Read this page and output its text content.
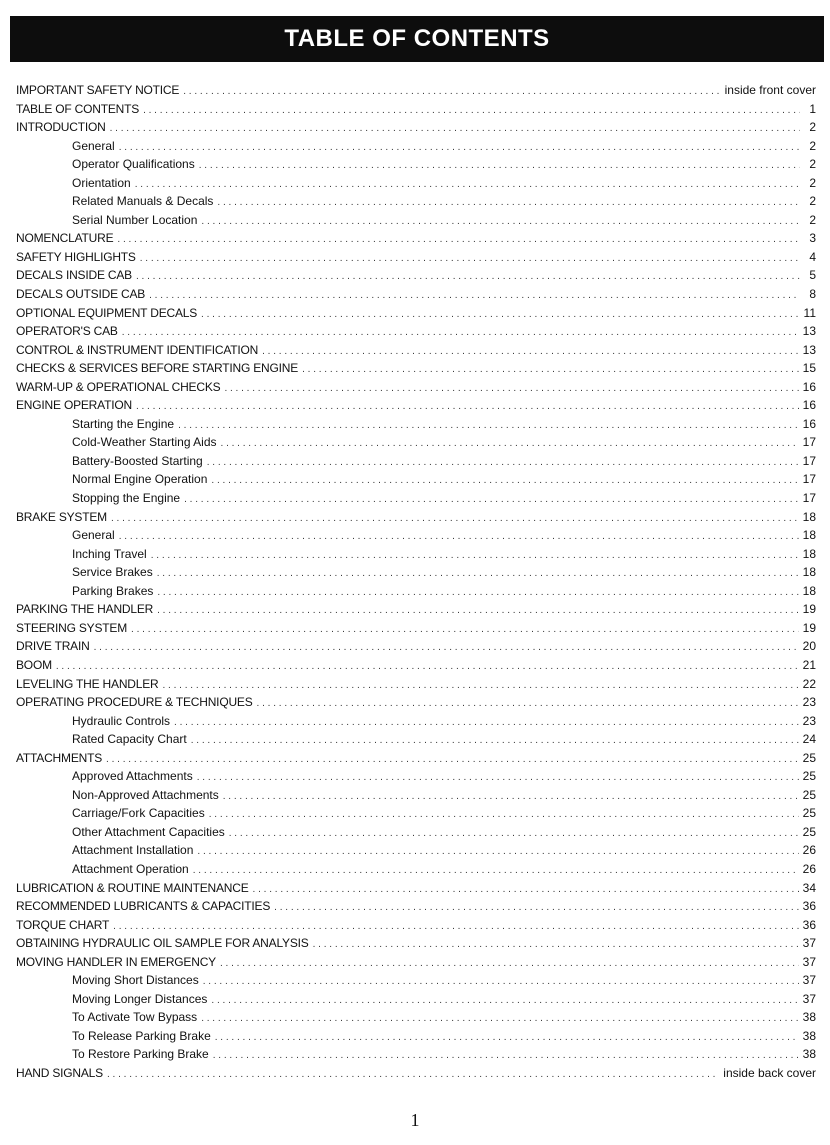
TABLE OF CONTENTS
IMPORTANT SAFETY NOTICE . . .	inside front cover
TABLE OF CONTENTS . . .	1
INTRODUCTION . . .	2
General . . .	2
Operator Qualifications . . .	2
Orientation . . .	2
Related Manuals & Decals . . .	2
Serial Number Location . . .	2
NOMENCLATURE . . .	3
SAFETY HIGHLIGHTS . . .	4
DECALS INSIDE CAB . . .	5
DECALS OUTSIDE CAB . . .	8
OPTIONAL EQUIPMENT DECALS . . .	11
OPERATOR'S CAB . . .	13
CONTROL & INSTRUMENT IDENTIFICATION . . .	13
CHECKS & SERVICES BEFORE STARTING ENGINE . . .	15
WARM-UP & OPERATIONAL CHECKS . . .	16
ENGINE OPERATION . . .	16
Starting the Engine . . .	16
Cold-Weather Starting Aids . . .	17
Battery-Boosted Starting . . .	17
Normal Engine Operation . . .	17
Stopping the Engine . . .	17
BRAKE SYSTEM . . .	18
General . . .	18
Inching Travel . . .	18
Service Brakes . . .	18
Parking Brakes . . .	18
PARKING THE HANDLER . . .	19
STEERING SYSTEM . . .	19
DRIVE TRAIN . . .	20
BOOM . . .	21
LEVELING THE HANDLER . . .	22
OPERATING PROCEDURE & TECHNIQUES . . .	23
Hydraulic Controls . . .	23
Rated Capacity Chart . . .	24
ATTACHMENTS . . .	25
Approved Attachments . . .	25
Non-Approved Attachments . . .	25
Carriage/Fork Capacities . . .	25
Other Attachment Capacities . . .	25
Attachment Installation . . .	26
Attachment Operation . . .	26
LUBRICATION & ROUTINE MAINTENANCE . . .	34
RECOMMENDED LUBRICANTS & CAPACITIES . . .	36
TORQUE CHART . . .	36
OBTAINING HYDRAULIC OIL SAMPLE FOR ANALYSIS . . .	37
MOVING HANDLER IN EMERGENCY . . .	37
Moving Short Distances . . .	37
Moving Longer Distances . . .	37
To Activate Tow Bypass . . .	38
To Release Parking Brake . . .	38
To Restore Parking Brake . . .	38
HAND SIGNALS . . .	inside back cover
1
